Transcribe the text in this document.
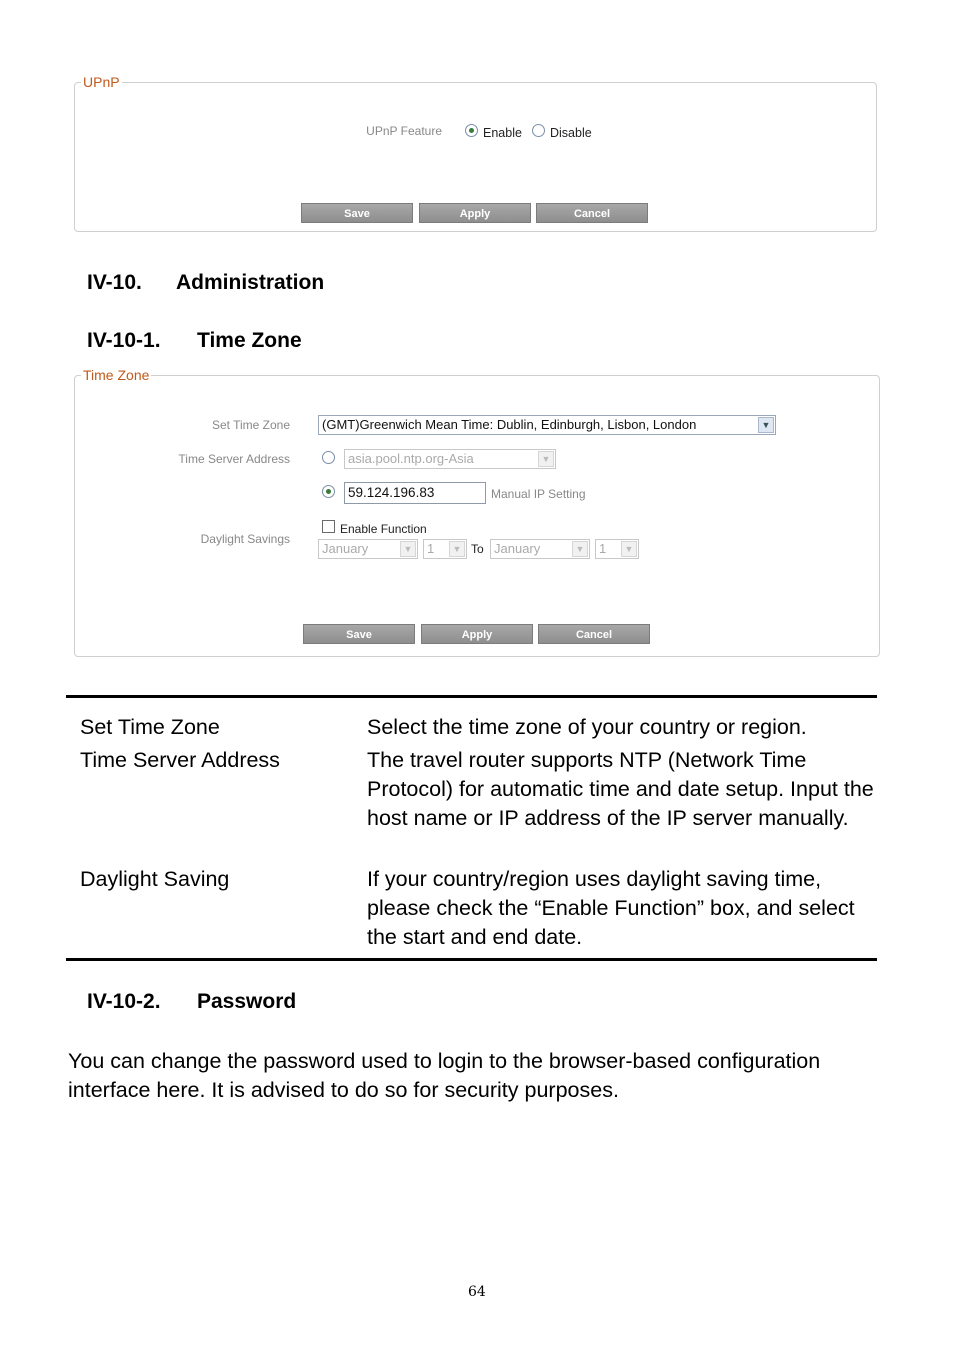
UPnP
UPnP Feature	Enable Disable
Save	Apply	Cancel
IV-10. Administration
IV-10-1. Time Zone
Time Zone
Set Time Zone	(GMT)Greenwich Mean Time: Dublin, Edinburgh, Lisbon, London	▼
Time Server Address	asia.pool.ntp.org-Asia	▼
59.124.196.83	Manual IP Setting
Enable Function
Daylight Savings
January	▼	1	▼ To January	▼	1	▼
Save	Apply	Cancel
Set Time Zone	Select the time zone of your country or region.
Time Server Address	The travel router supports NTP (Network Time Protocol) for automatic time and date setup. Input the host name or IP address of the IP server manually.
Daylight Saving	If your country/region uses daylight saving time, please check the “Enable Function” box, and select the start and end date.
IV-10-2. Password
You can change the password used to login to the browser-based configuration interface here. It is advised to do so for security purposes.
64
